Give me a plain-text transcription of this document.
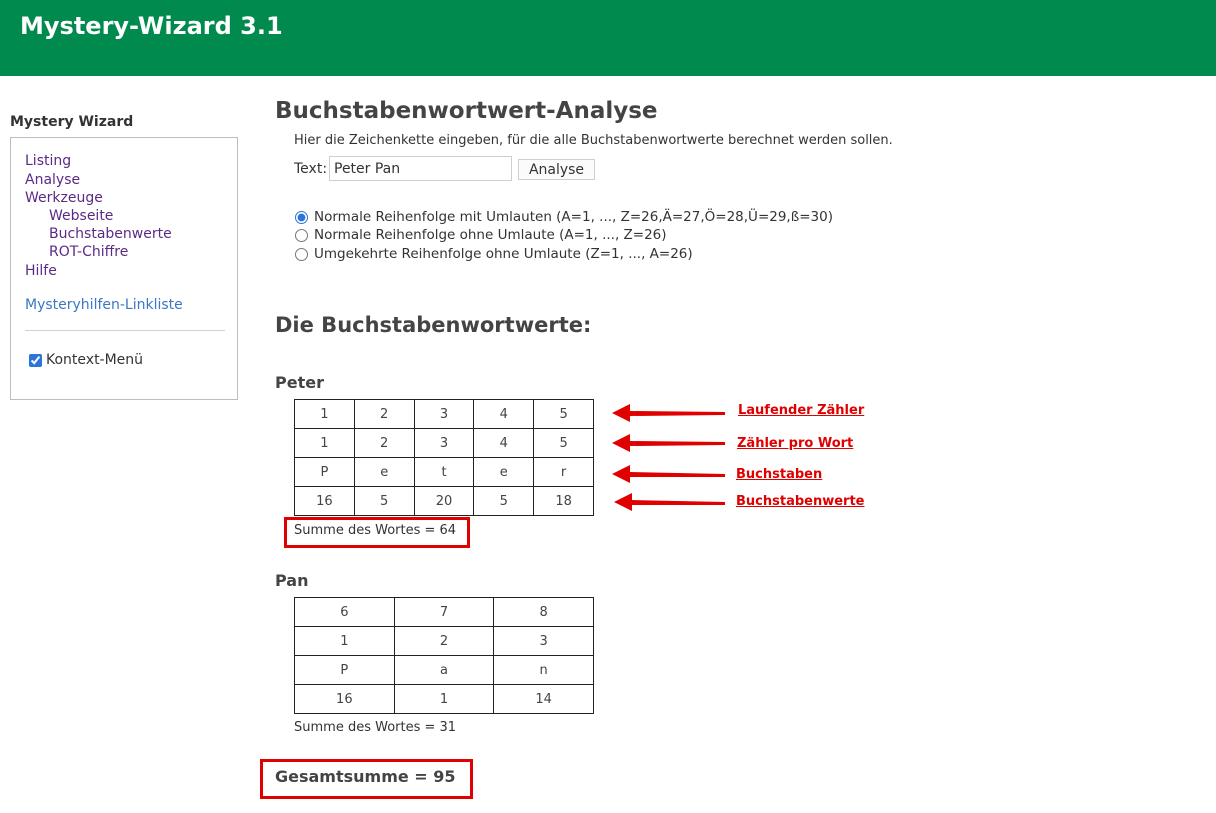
Mystery-Wizard 3.1
Mystery Wizard
Listing
Analyse
Werkzeuge
Webseite
Buchstabenwerte
ROT-Chiffre
Hilfe
Mysteryhilfen-Linkliste
Kontext-Menü
Buchstabenwortwert-Analyse
Hier die Zeichenkette eingeben, für die alle Buchstabenwortwerte berechnet werden sollen.
Text:
Peter Pan	Analyse
Normale Reihenfolge mit Umlauten (A=1, ..., Z=26,Ä=27,Ö=28,Ü=29,ß=30)
Normale Reihenfolge ohne Umlaute (A=1, ..., Z=26)
Umgekehrte Reihenfolge ohne Umlaute (Z=1, ..., A=26)
Die Buchstabenwortwerte:
Peter
1	2	3	4	5
1	2	3	4	5
P	e	t	e	r
16	5	20	5	18
Summe des Wortes = 64
Pan
6	7	8
1	2	3
P	a	n
16	1	14
Summe des Wortes = 31
Gesamtsumme = 95
Laufender Zähler
Zähler pro Wort
Buchstaben
Buchstabenwerte
